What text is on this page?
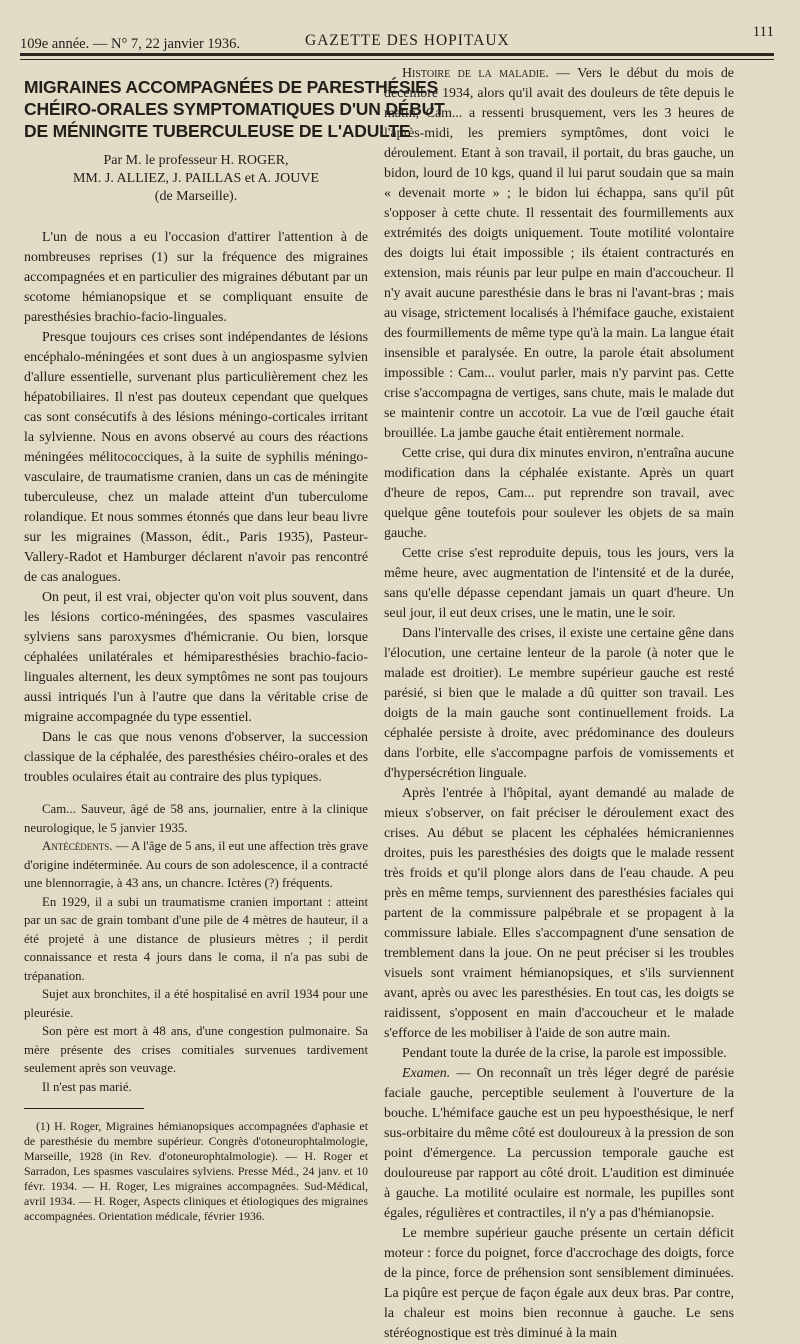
109e année. — N° 7, 22 janvier 1936.	GAZETTE DES HOPITAUX	111
MIGRAINES ACCOMPAGNÉES DE PARESTHÉSIES
CHÉIRO-ORALES SYMPTOMATIQUES D'UN DÉBUT
DE MÉNINGITE TUBERCULEUSE DE L'ADULTE
Par M. le professeur H. ROGER,
MM. J. ALLIEZ, J. PAILLAS et A. JOUVE
(de Marseille).

L'un de nous a eu l'occasion d'attirer l'attention à de nombreuses reprises (1) sur la fréquence des migraines accompagnées et en particulier des migraines débutant par un scotome hémianopsique et se compliquant ensuite de paresthésies brachio-facio-linguales.

Presque toujours ces crises sont indépendantes de lésions encéphalo-méningées et sont dues à un angiospasme sylvien d'allure essentielle, survenant plus particulièrement chez les hépatobiliaires. Il n'est pas douteux cependant que quelques cas sont consécutifs à des lésions méningo-corticales irritant la sylvienne. Nous en avons observé au cours des réactions méningées mélitococciques, à la suite de syphilis méningo-vasculaire, de traumatisme cranien, dans un cas de méningite tuberculeuse, chez un malade atteint d'un tuberculome rolandique. Et nous sommes étonnés que dans leur beau livre sur les migraines (Masson, édit., Paris 1935), Pasteur-Vallery-Radot et Hamburger déclarent n'avoir pas rencontré de cas analogues.

On peut, il est vrai, objecter qu'on voit plus souvent, dans les lésions cortico-méningées, des spasmes vasculaires sylviens sans paroxysmes d'hémicranie. Ou bien, lorsque céphalées unilatérales et hémiparesthésies brachio-facio-linguales alternent, les deux symptômes ne sont pas toujours aussi intriqués l'un à l'autre que dans la véritable crise de migraine accompagnée du type essentiel.

Dans le cas que nous venons d'observer, la succession classique de la céphalée, des paresthésies chéiro-orales et des troubles oculaires était au contraire des plus typiques.

Cam... Sauveur, âgé de 58 ans, journalier, entre à la clinique neurologique, le 5 janvier 1935.

Antécédents. — A l'âge de 5 ans, il eut une affection très grave d'origine indéterminée. Au cours de son adolescence, il a contracté une blennorragie, à 43 ans, un chancre. Ictères (?) fréquents.

En 1929, il a subi un traumatisme cranien important : atteint par un sac de grain tombant d'une pile de 4 mètres de hauteur, il a été projeté à une distance de plusieurs mètres ; il perdit connaissance et resta 4 jours dans le coma, il n'a pas subi de trépanation.

Sujet aux bronchites, il a été hospitalisé en avril 1934 pour une pleurésie.

Son père est mort à 48 ans, d'une congestion pulmonaire. Sa mère présente des crises comitiales survenues tardivement seulement après son veuvage.

Il n'est pas marié.

(1) H. Roger, Migraines hémianopsiques accompagnées d'aphasie et de paresthésie du membre supérieur. Congrès d'otoneurophtalmologie, Marseille, 1928 (in Rev. d'otoneurophtalmologie). — H. Roger et Sarradon, Les spasmes vasculaires sylviens. Presse Méd., 24 janv. et 10 févr. 1934. — H. Roger, Les migraines accompagnées. Sud-Médical, avril 1934. — H. Roger, Aspects cliniques et étiologiques des migraines accompagnées. Orientation médicale, février 1936.

Histoire de la maladie. — Vers le début du mois de décembre 1934, alors qu'il avait des douleurs de tête depuis le matin, Cam... a ressenti brusquement, vers les 3 heures de l'après-midi, les premiers symptômes, dont voici le déroulement. Etant à son travail, il portait, du bras gauche, un bidon, lourd de 10 kgs, quand il lui parut soudain que sa main « devenait morte » ; le bidon lui échappa, sans qu'il pût s'opposer à cette chute. Il ressentait des fourmillements aux extrémités des doigts uniquement. Toute motilité volontaire des doigts lui était impossible ; ils étaient contracturés en extension, mais réunis par leur pulpe en main d'accoucheur. Il n'y avait aucune paresthésie dans le bras ni l'avant-bras ; mais au visage, strictement localisés à l'hémiface gauche, existaient des fourmillements de même type qu'à la main. La langue était insensible et paralysée. En outre, la parole était absolument impossible : Cam... voulut parler, mais n'y parvint pas. Cette crise s'accompagna de vertiges, sans chute, mais le malade dut se maintenir contre un accotoir. La vue de l'œil gauche était brouillée. La jambe gauche était entièrement normale.

Cette crise, qui dura dix minutes environ, n'entraîna aucune modification dans la céphalée existante. Après un quart d'heure de repos, Cam... put reprendre son travail, avec quelque gêne toutefois pour soulever les objets de sa main gauche.

Cette crise s'est reproduite depuis, tous les jours, vers la même heure, avec augmentation de l'intensité et de la durée, sans qu'elle dépasse cependant jamais un quart d'heure. Un seul jour, il eut deux crises, une le matin, une le soir.

Dans l'intervalle des crises, il existe une certaine gêne dans l'élocution, une certaine lenteur de la parole (à noter que le malade est droitier). Le membre supérieur gauche est resté parésié, si bien que le malade a dû quitter son travail. Les doigts de la main gauche sont continuellement froids. La céphalée persiste à droite, avec prédominance des douleurs dans l'orbite, elle s'accompagne parfois de vomissements et d'hypersécrétion linguale.

Après l'entrée à l'hôpital, ayant demandé au malade de mieux s'observer, on fait préciser le déroulement exact des crises. Au début se placent les céphalées hémicraniennes droites, puis les paresthésies des doigts que le malade ressent très froids et qu'il plonge alors dans de l'eau chaude. A peu près en même temps, surviennent des paresthésies faciales qui partent de la commissure palpébrale et se propagent à la commissure labiale. Elles s'accompagnent d'une sensation de tremblement dans la joue. On ne peut préciser si les troubles visuels sont vraiment hémianopsiques, et s'ils surviennent avant, après ou avec les paresthésies. En tout cas, les doigts se raidissent, s'opposent en main d'accoucheur et le malade s'efforce de les mobiliser à l'aide de son autre main.

Pendant toute la durée de la crise, la parole est impossible.

Examen. — On reconnaît un très léger degré de parésie faciale gauche, perceptible seulement à l'ouverture de la bouche. L'hémiface gauche est un peu hypoesthésique, le nerf sus-orbitaire du même côté est douloureux à la pression de son point d'émergence. La percussion temporale gauche est douloureuse par rapport au côté droit. L'audition est diminuée à gauche. La motilité oculaire est normale, les pupilles sont égales, régulières et contractiles, il n'y a pas d'hémianopsie.

Le membre supérieur gauche présente un certain déficit moteur : force du poignet, force d'accrochage des doigts, force de la pince, force de préhension sont sensiblement diminuées. La piqûre est perçue de façon égale aux deux bras. Par contre, la chaleur est moins bien reconnue à gauche. Le sens stéréognostique est très diminué à la main
